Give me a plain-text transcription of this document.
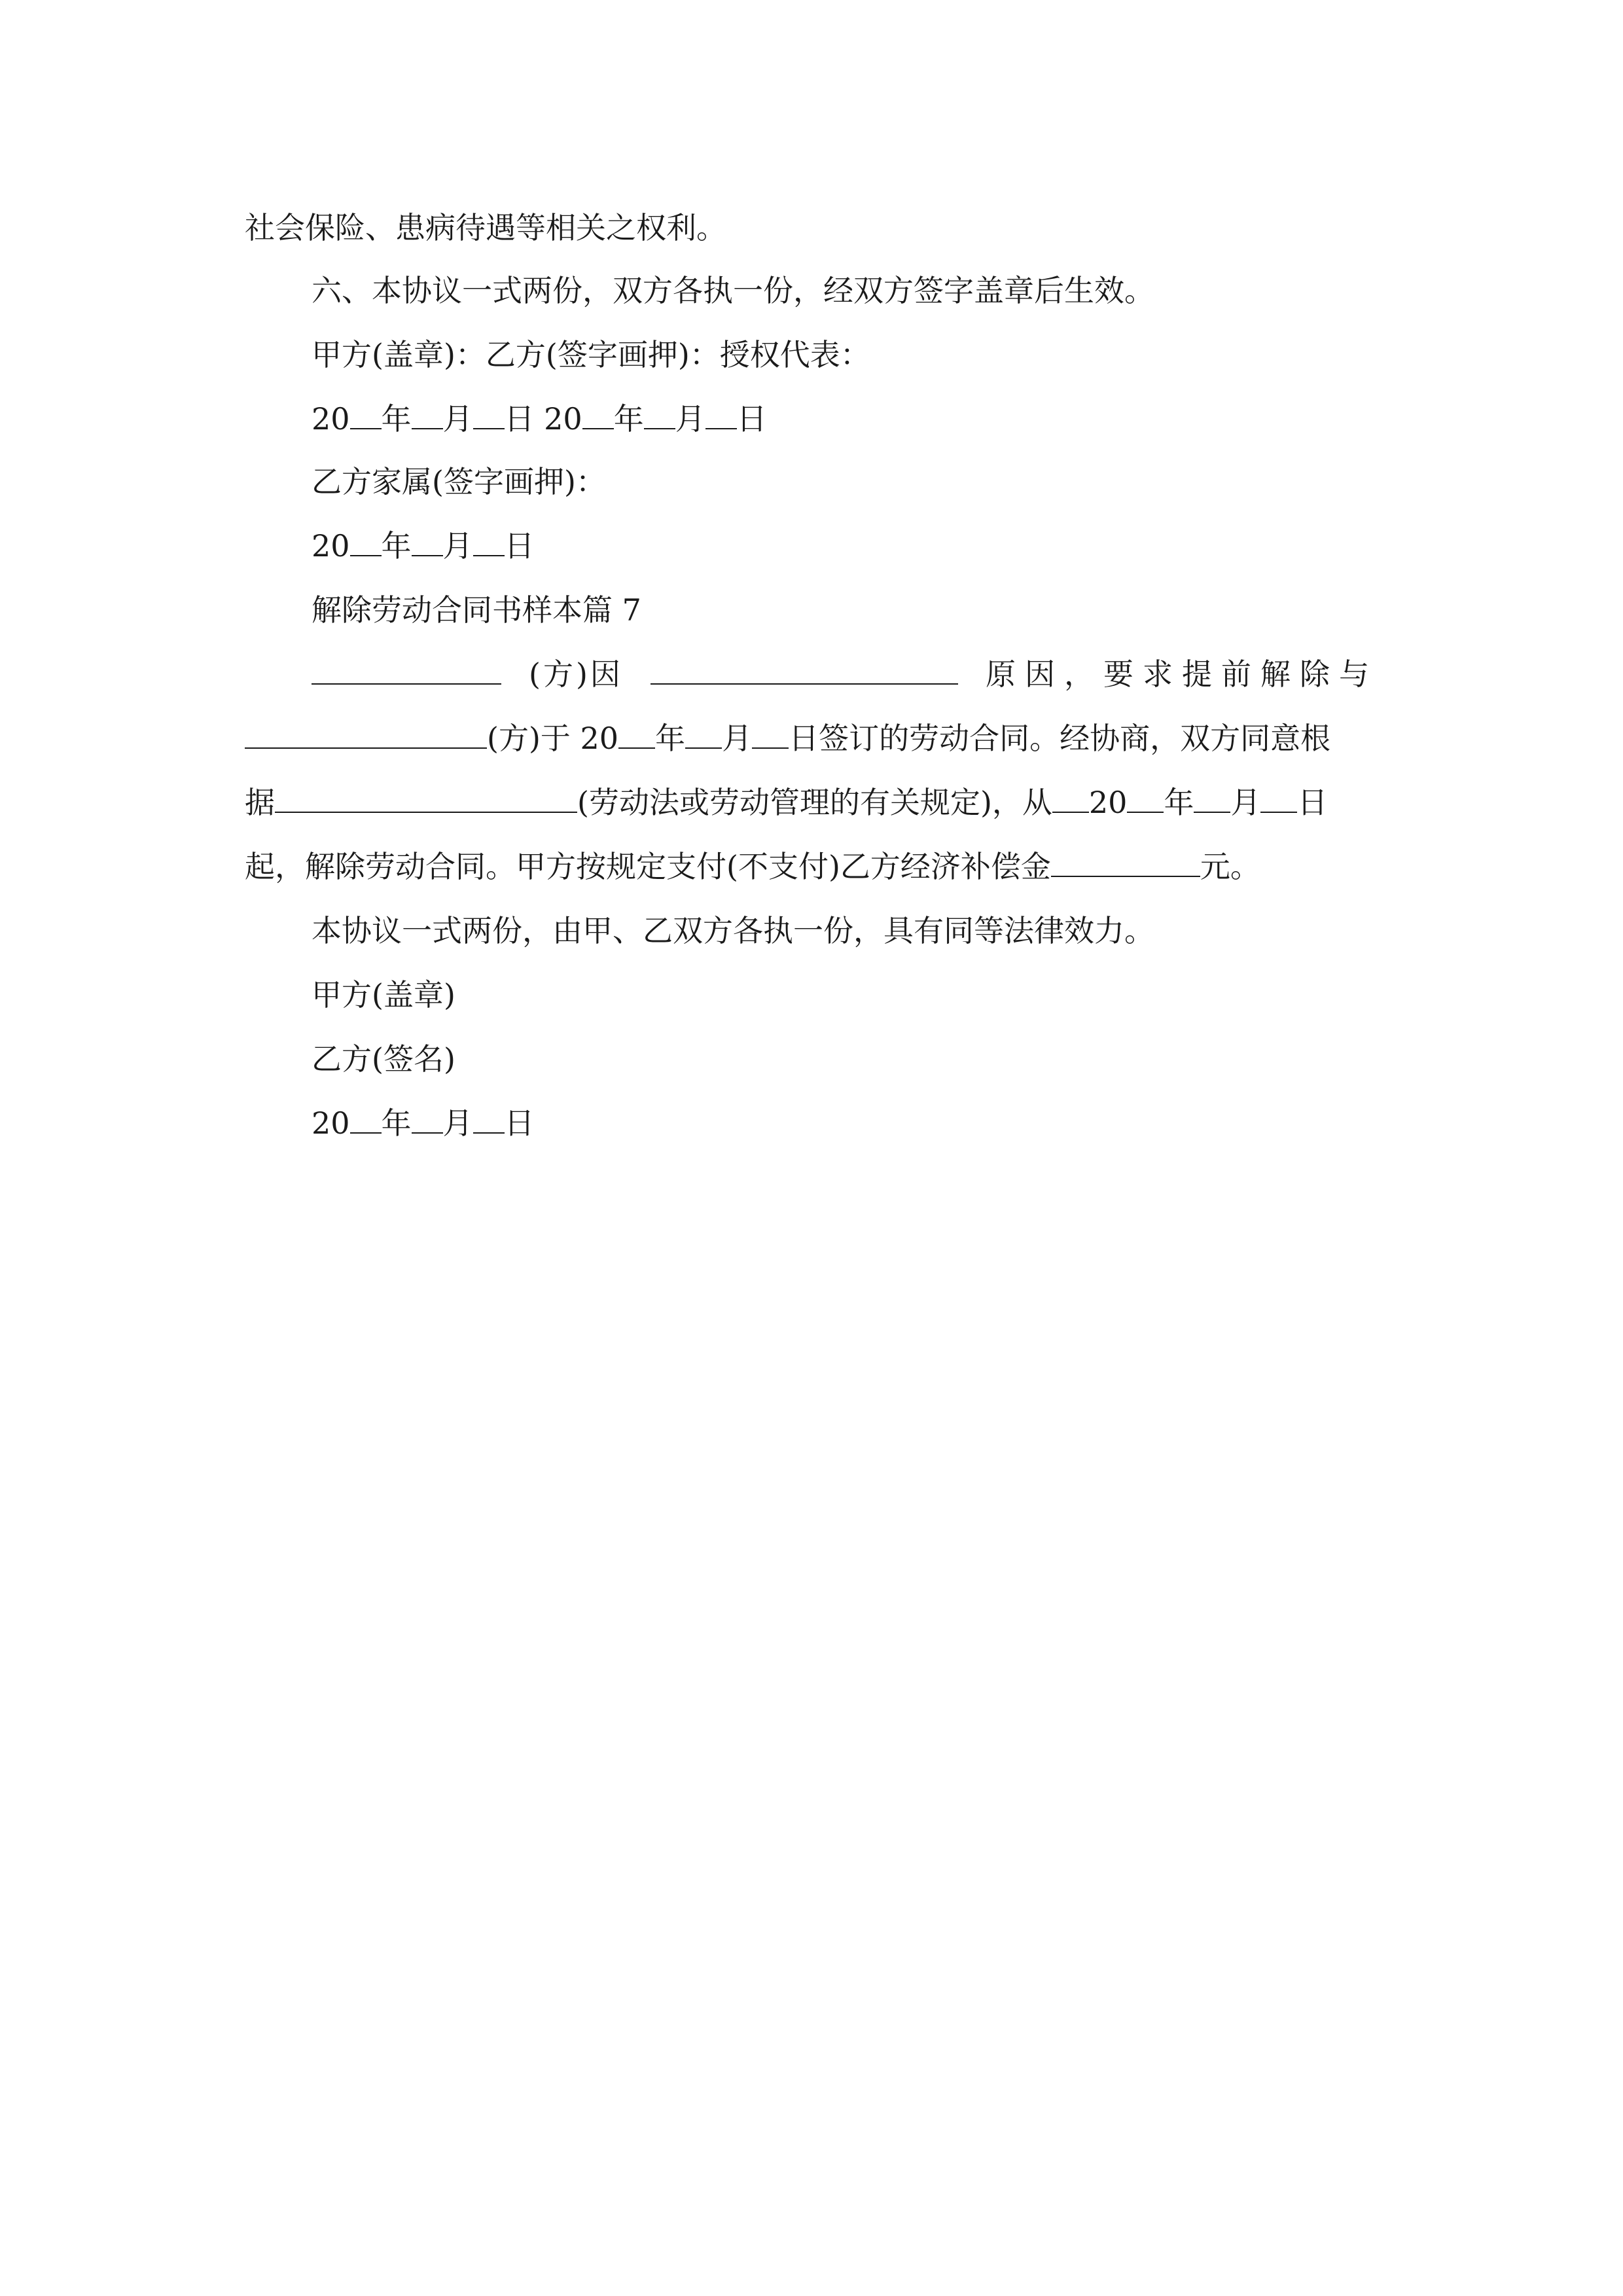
社会保险、患病待遇等相关之权利。
六、本协议一式两份，双方各执一份，经双方签字盖章后生效。
甲方(盖章)：乙方(签字画押)：授权代表：
20 年 月 日 20 年 月 日
乙方家属(签字画押)：
20 年 月 日
解除劳动合同书样本篇 7
(方)因	原因，要求提前解除与
(方)于 20 年 月 日签订的劳动合同。经协商，双方同意根
据	(劳动法或劳动管理的有关规定)，从 20 年 月 日
起，解除劳动合同。甲方按规定支付(不支付)乙方经济补偿金	元。
本协议一式两份，由甲、乙双方各执一份，具有同等法律效力。
甲方(盖章)
乙方(签名)
20 年 月 日
